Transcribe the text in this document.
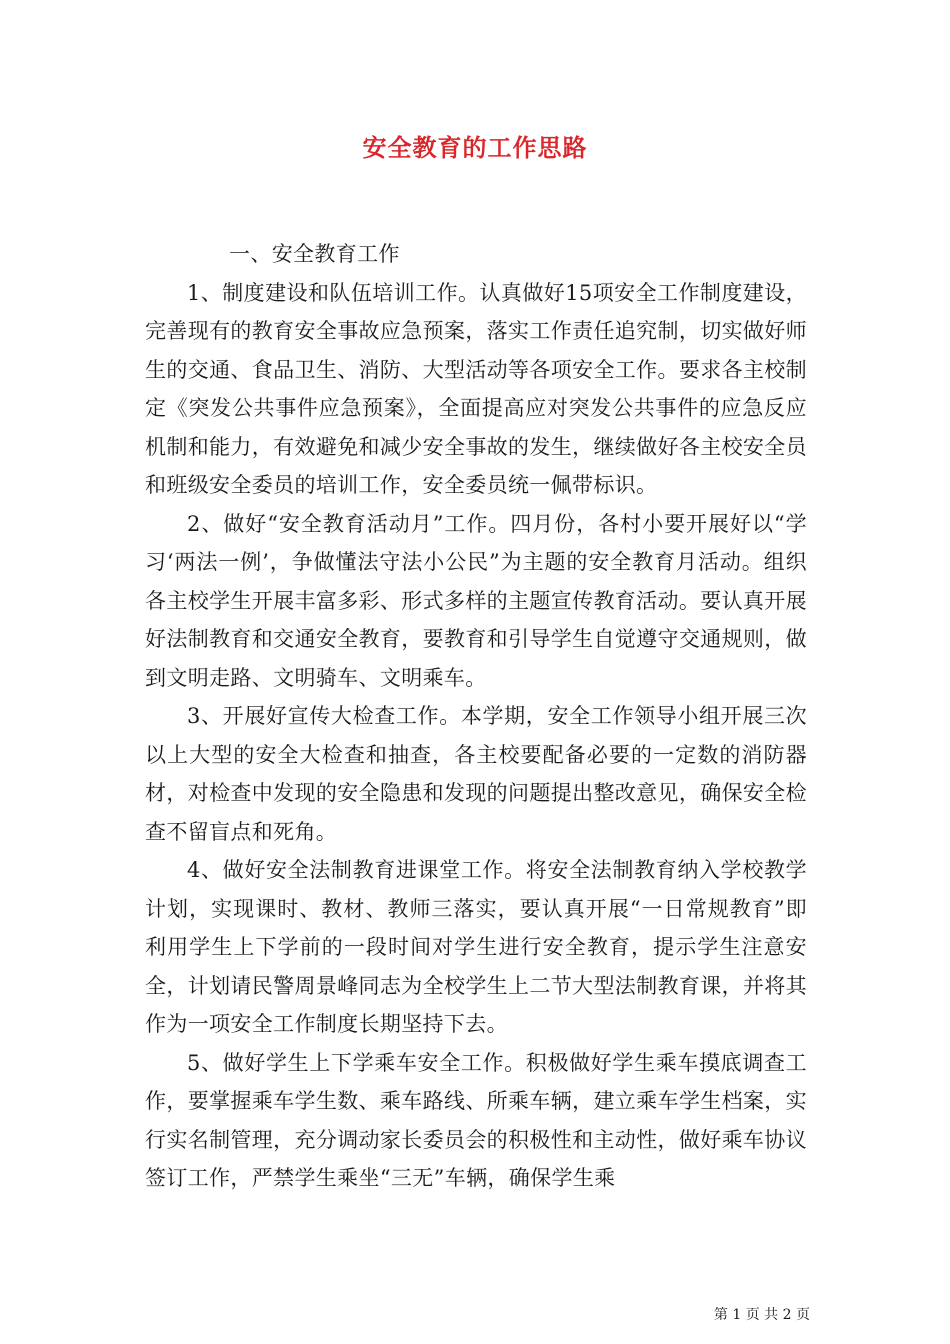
安全教育的工作思路

一、安全教育工作

1、制度建设和队伍培训工作。认真做好15项安全工作制度建设，完善现有的教育安全事故应急预案，落实工作责任追究制，切实做好师生的交通、食品卫生、消防、大型活动等各项安全工作。要求各主校制定《突发公共事件应急预案》，全面提高应对突发公共事件的应急反应机制和能力，有效避免和减少安全事故的发生，继续做好各主校安全员和班级安全委员的培训工作，安全委员统一佩带标识。

2、做好“安全教育活动月”工作。四月份，各村小要开展好以“学习‘两法一例’，争做懂法守法小公民”为主题的安全教育月活动。组织各主校学生开展丰富多彩、形式多样的主题宣传教育活动。要认真开展好法制教育和交通安全教育，要教育和引导学生自觉遵守交通规则，做到文明走路、文明骑车、文明乘车。

3、开展好宣传大检查工作。本学期，安全工作领导小组开展三次以上大型的安全大检查和抽查，各主校要配备必要的一定数的消防器材，对检查中发现的安全隐患和发现的问题提出整改意见，确保安全检查不留盲点和死角。

4、做好安全法制教育进课堂工作。将安全法制教育纳入学校教学计划，实现课时、教材、教师三落实，要认真开展“一日常规教育”即利用学生上下学前的一段时间对学生进行安全教育，提示学生注意安全，计划请民警周景峰同志为全校学生上二节大型法制教育课，并将其作为一项安全工作制度长期坚持下去。

5、做好学生上下学乘车安全工作。积极做好学生乘车摸底调查工作，要掌握乘车学生数、乘车路线、所乘车辆，建立乘车学生档案，实行实名制管理，充分调动家长委员会的积极性和主动性，做好乘车协议签订工作，严禁学生乘坐“三无”车辆，确保学生乘

第 1 页 共 2 页
